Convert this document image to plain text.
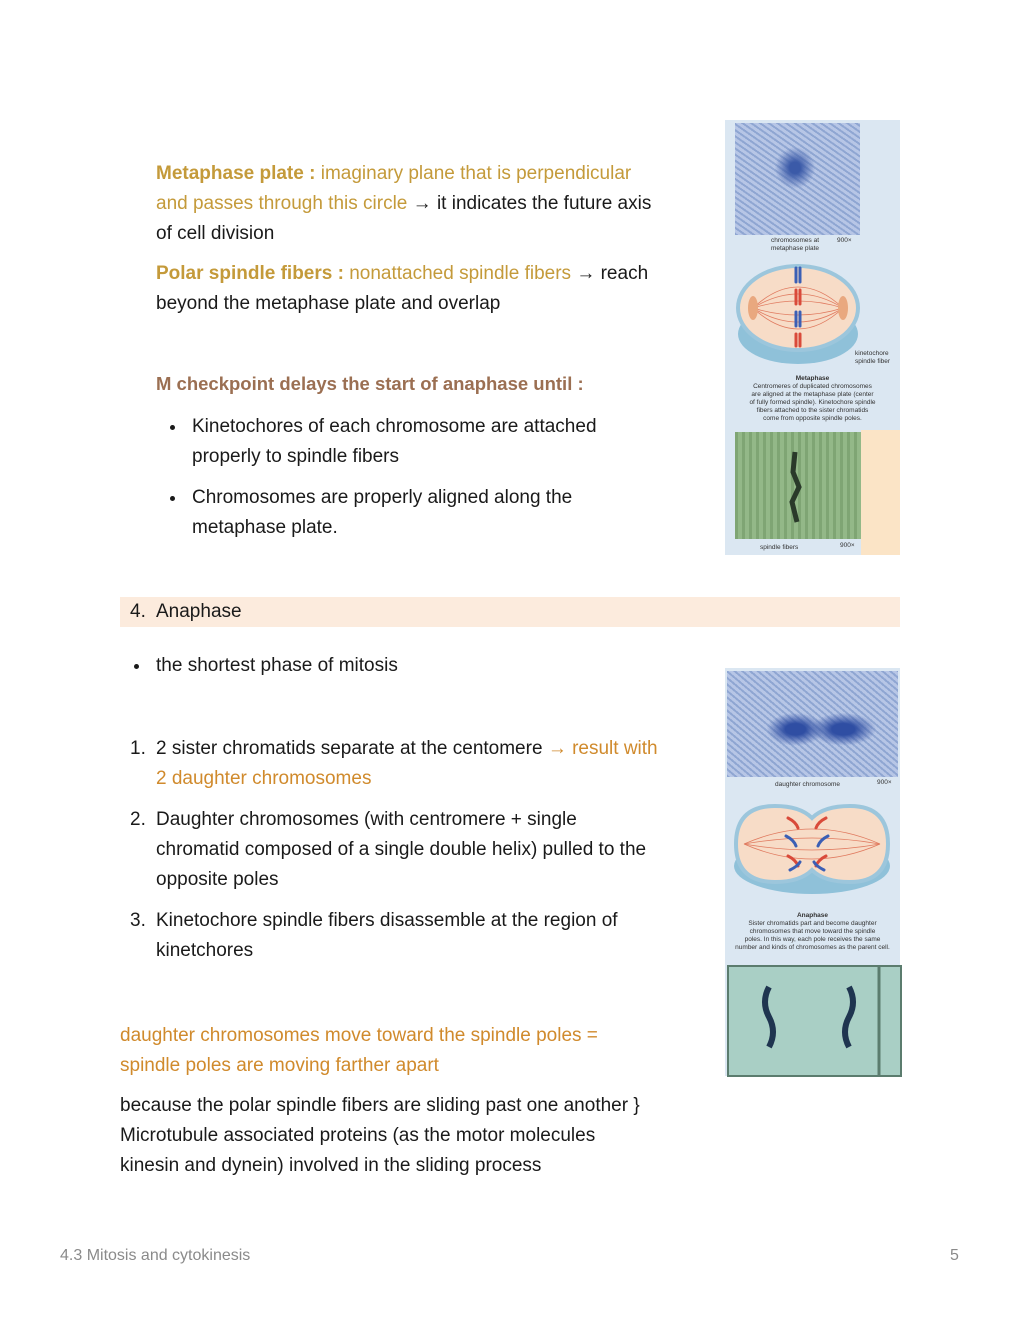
Metaphase plate : imaginary plane that is perpendicular
and passes through this circle → it indicates the future axis
of cell division
Polar spindle fibers : nonattached spindle fibers → reach
beyond the metaphase plate and overlap
M checkpoint delays the start of anaphase until :
Kinetochores of each chromosome are attached
properly to spindle fibers
Chromosomes are properly aligned along the
metaphase plate.
chromosomes at
metaphase plate
900×
kinetochore
spindle fiber
Metaphase
Centromeres of duplicated chromosomes
are aligned at the metaphase plate (center
of fully formed spindle). Kinetochore spindle
fibers attached to the sister chromatids
come from opposite spindle poles.
spindle fibers	900×
4. Anaphase
the shortest phase of mitosis
1. 2 sister chromatids separate at the centomere → result with
2 daughter chromosomes
2. Daughter chromosomes (with centromere + single
chromatid composed of a single double helix) pulled to the
opposite poles
3. Kinetochore spindle fibers disassemble at the region of
kinetchores
daughter chromosomes move toward the spindle poles =
spindle poles are moving farther apart
because the polar spindle fibers are sliding past one another }
Microtubule associated proteins (as the motor molecules
kinesin and dynein) involved in the sliding process
daughter chromosome	900×
Anaphase
Sister chromatids part and become daughter
chromosomes that move toward the spindle
poles. In this way, each pole receives the same
number and kinds of chromosomes as the parent cell.
4.3 Mitosis and cytokinesis	5
